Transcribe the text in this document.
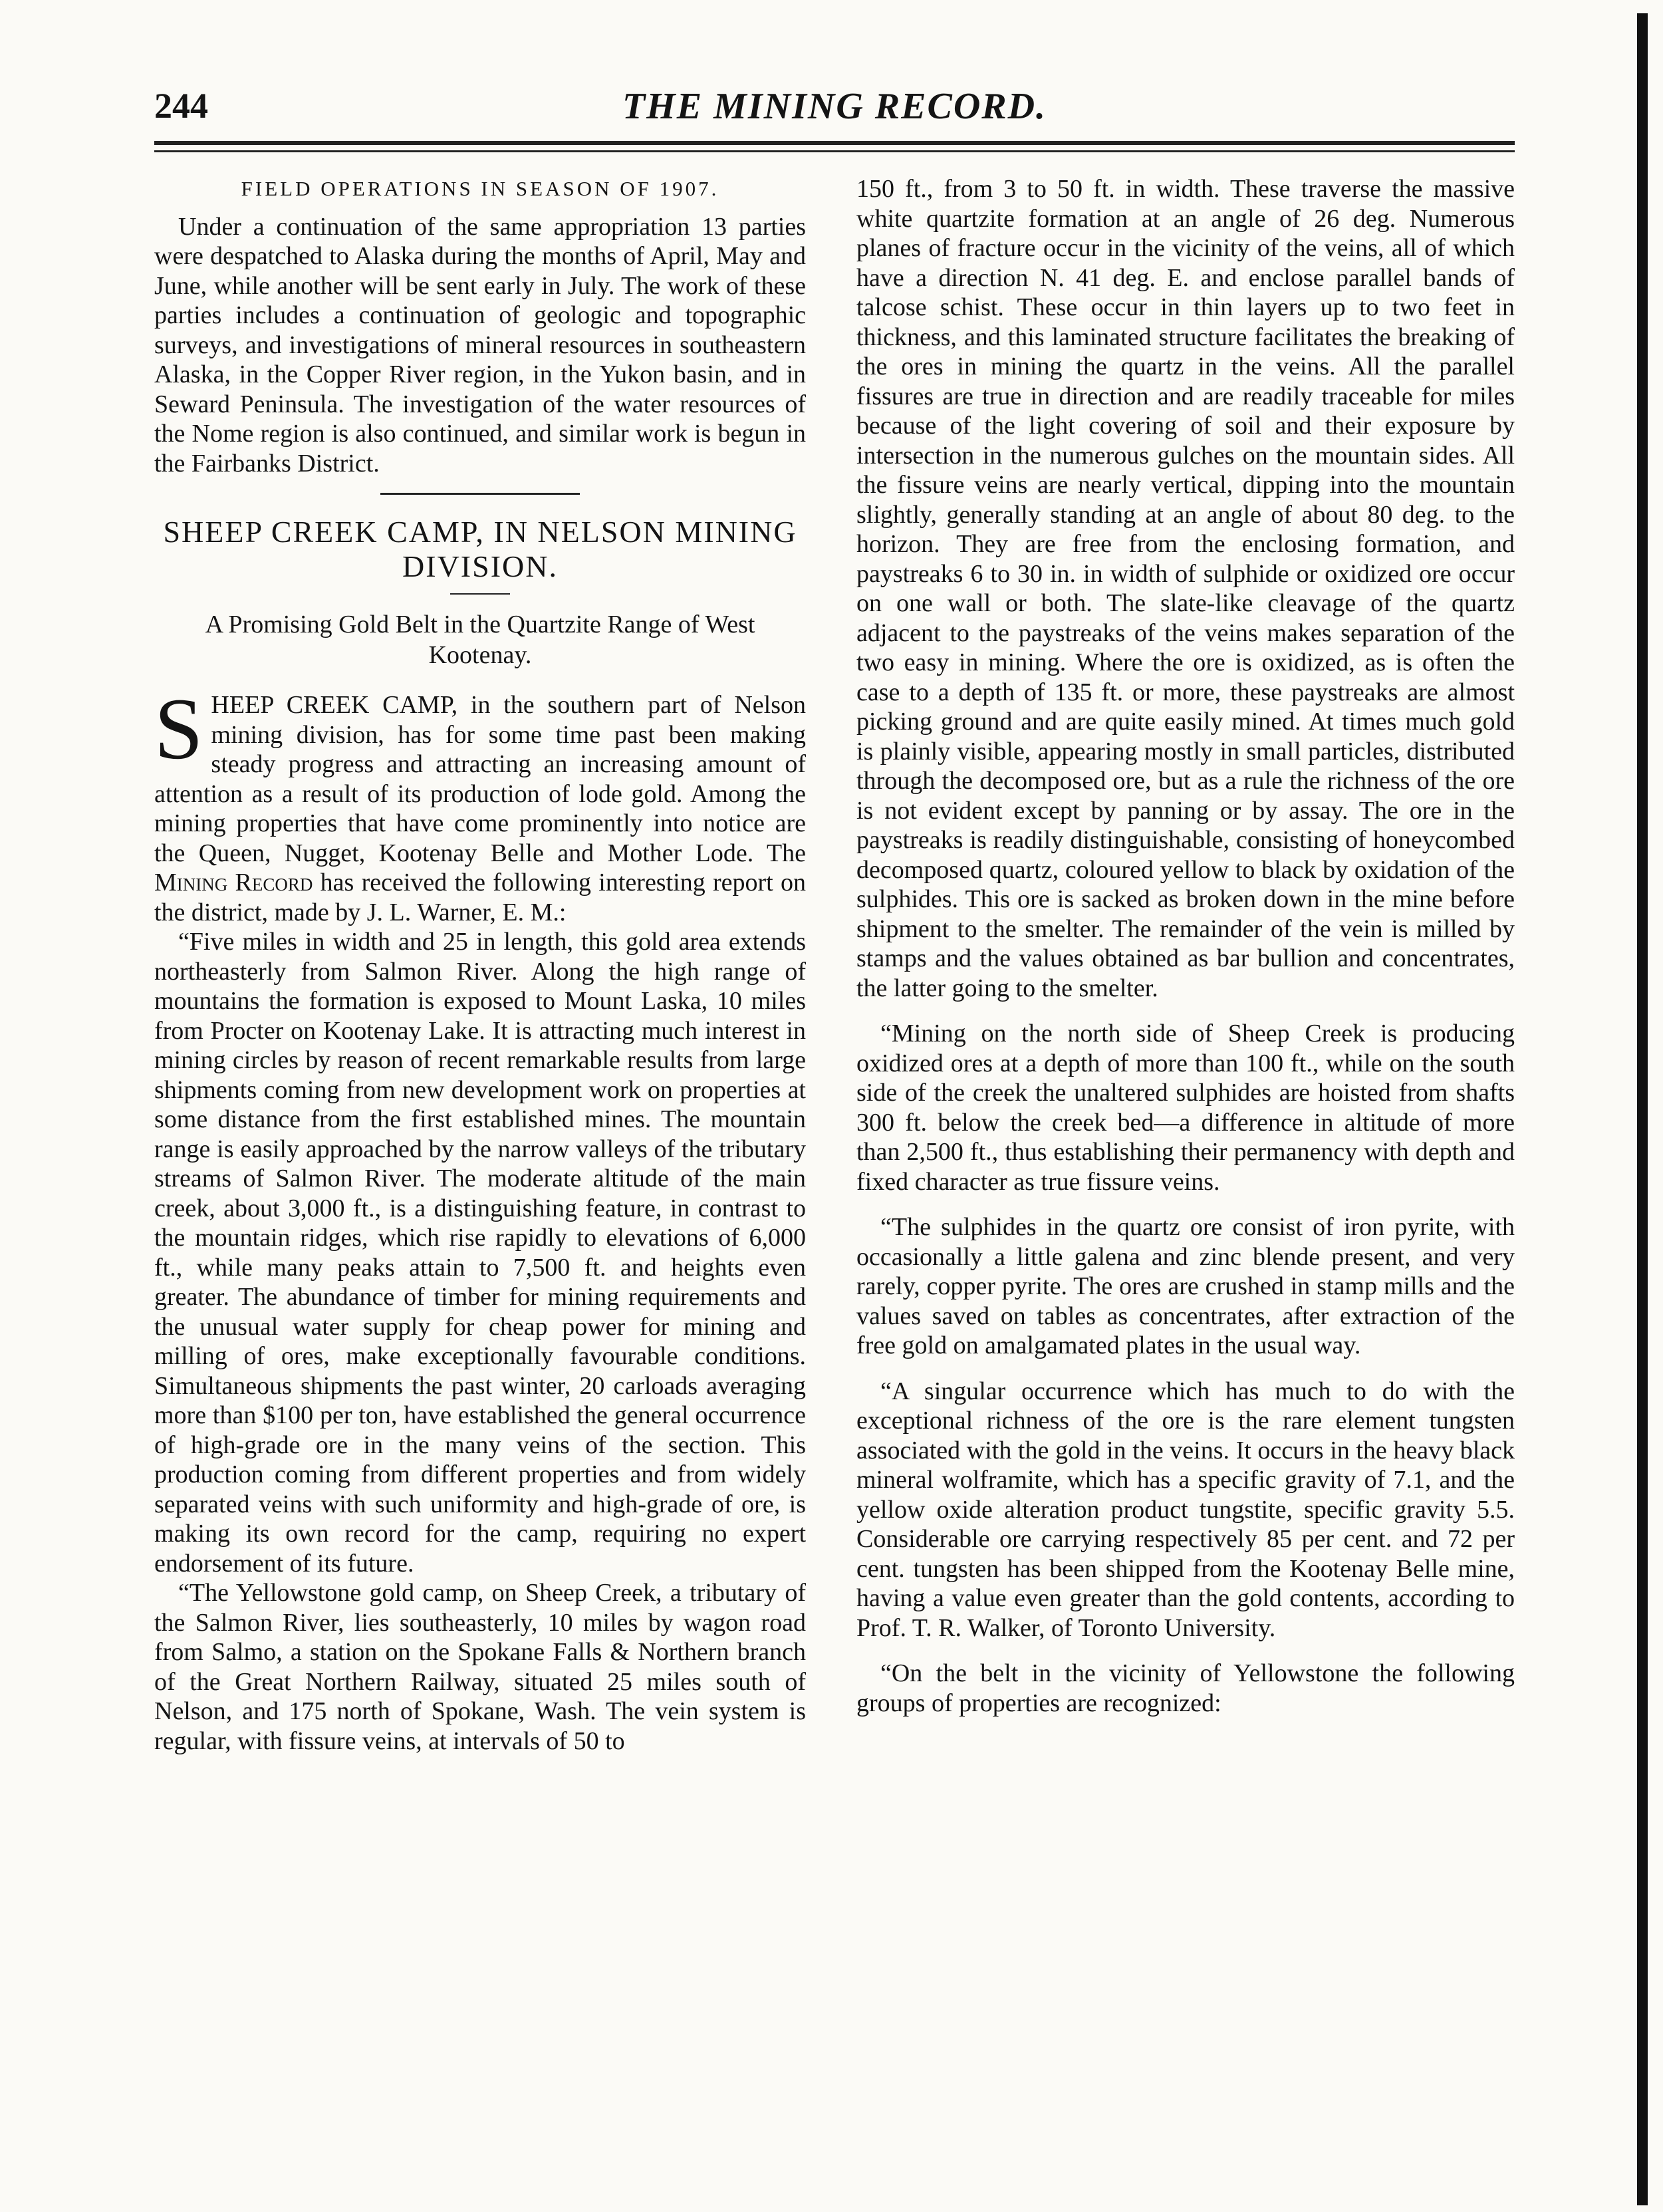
244	THE MINING RECORD.
FIELD OPERATIONS IN SEASON OF 1907.

Under a continuation of the same appropriation 13 parties were despatched to Alaska during the months of April, May and June, while another will be sent early in July. The work of these parties includes a continuation of geologic and topographic surveys, and investigations of mineral resources in southeastern Alaska, in the Copper River region, in the Yukon basin, and in Seward Peninsula. The investigation of the water resources of the Nome region is also continued, and similar work is begun in the Fairbanks District.

SHEEP CREEK CAMP, IN NELSON MINING DIVISION.
A Promising Gold Belt in the Quartzite Range of West Kootenay.

SHEEP CREEK CAMP, in the southern part of Nelson mining division, has for some time past been making steady progress and attracting an increasing amount of attention as a result of its production of lode gold. Among the mining properties that have come prominently into notice are the Queen, Nugget, Kootenay Belle and Mother Lode. The Mining Record has received the following interesting report on the district, made by J. L. Warner, E. M.:

“Five miles in width and 25 in length, this gold area extends northeasterly from Salmon River. Along the high range of mountains the formation is exposed to Mount Laska, 10 miles from Procter on Kootenay Lake. It is attracting much interest in mining circles by reason of recent remarkable results from large shipments coming from new development work on properties at some distance from the first established mines. The mountain range is easily approached by the narrow valleys of the tributary streams of Salmon River. The moderate altitude of the main creek, about 3,000 ft., is a distinguishing feature, in contrast to the mountain ridges, which rise rapidly to elevations of 6,000 ft., while many peaks attain to 7,500 ft. and heights even greater. The abundance of timber for mining requirements and the unusual water supply for cheap power for mining and milling of ores, make exceptionally favourable conditions. Simultaneous shipments the past winter, 20 carloads averaging more than $100 per ton, have established the general occurrence of high-grade ore in the many veins of the section. This production coming from different properties and from widely separated veins with such uniformity and high-grade of ore, is making its own record for the camp, requiring no expert endorsement of its future.

“The Yellowstone gold camp, on Sheep Creek, a tributary of the Salmon River, lies southeasterly, 10 miles by wagon road from Salmo, a station on the Spokane Falls & Northern branch of the Great Northern Railway, situated 25 miles south of Nelson, and 175 north of Spokane, Wash. The vein system is regular, with fissure veins, at intervals of 50 to

150 ft., from 3 to 50 ft. in width. These traverse the massive white quartzite formation at an angle of 26 deg. Numerous planes of fracture occur in the vicinity of the veins, all of which have a direction N. 41 deg. E. and enclose parallel bands of talcose schist. These occur in thin layers up to two feet in thickness, and this laminated structure facilitates the breaking of the ores in mining the quartz in the veins. All the parallel fissures are true in direction and are readily traceable for miles because of the light covering of soil and their exposure by intersection in the numerous gulches on the mountain sides. All the fissure veins are nearly vertical, dipping into the mountain slightly, generally standing at an angle of about 80 deg. to the horizon. They are free from the enclosing formation, and paystreaks 6 to 30 in. in width of sulphide or oxidized ore occur on one wall or both. The slate-like cleavage of the quartz adjacent to the paystreaks of the veins makes separation of the two easy in mining. Where the ore is oxidized, as is often the case to a depth of 135 ft. or more, these paystreaks are almost picking ground and are quite easily mined. At times much gold is plainly visible, appearing mostly in small particles, distributed through the decomposed ore, but as a rule the richness of the ore is not evident except by panning or by assay. The ore in the paystreaks is readily distinguishable, consisting of honeycombed decomposed quartz, coloured yellow to black by oxidation of the sulphides. This ore is sacked as broken down in the mine before shipment to the smelter. The remainder of the vein is milled by stamps and the values obtained as bar bullion and concentrates, the latter going to the smelter.

“Mining on the north side of Sheep Creek is producing oxidized ores at a depth of more than 100 ft., while on the south side of the creek the unaltered sulphides are hoisted from shafts 300 ft. below the creek bed—a difference in altitude of more than 2,500 ft., thus establishing their permanency with depth and fixed character as true fissure veins.

“The sulphides in the quartz ore consist of iron pyrite, with occasionally a little galena and zinc blende present, and very rarely, copper pyrite. The ores are crushed in stamp mills and the values saved on tables as concentrates, after extraction of the free gold on amalgamated plates in the usual way.

“A singular occurrence which has much to do with the exceptional richness of the ore is the rare element tungsten associated with the gold in the veins. It occurs in the heavy black mineral wolframite, which has a specific gravity of 7.1, and the yellow oxide alteration product tungstite, specific gravity 5.5. Considerable ore carrying respectively 85 per cent. and 72 per cent. tungsten has been shipped from the Kootenay Belle mine, having a value even greater than the gold contents, according to Prof. T. R. Walker, of Toronto University.

“On the belt in the vicinity of Yellowstone the following groups of properties are recognized:
